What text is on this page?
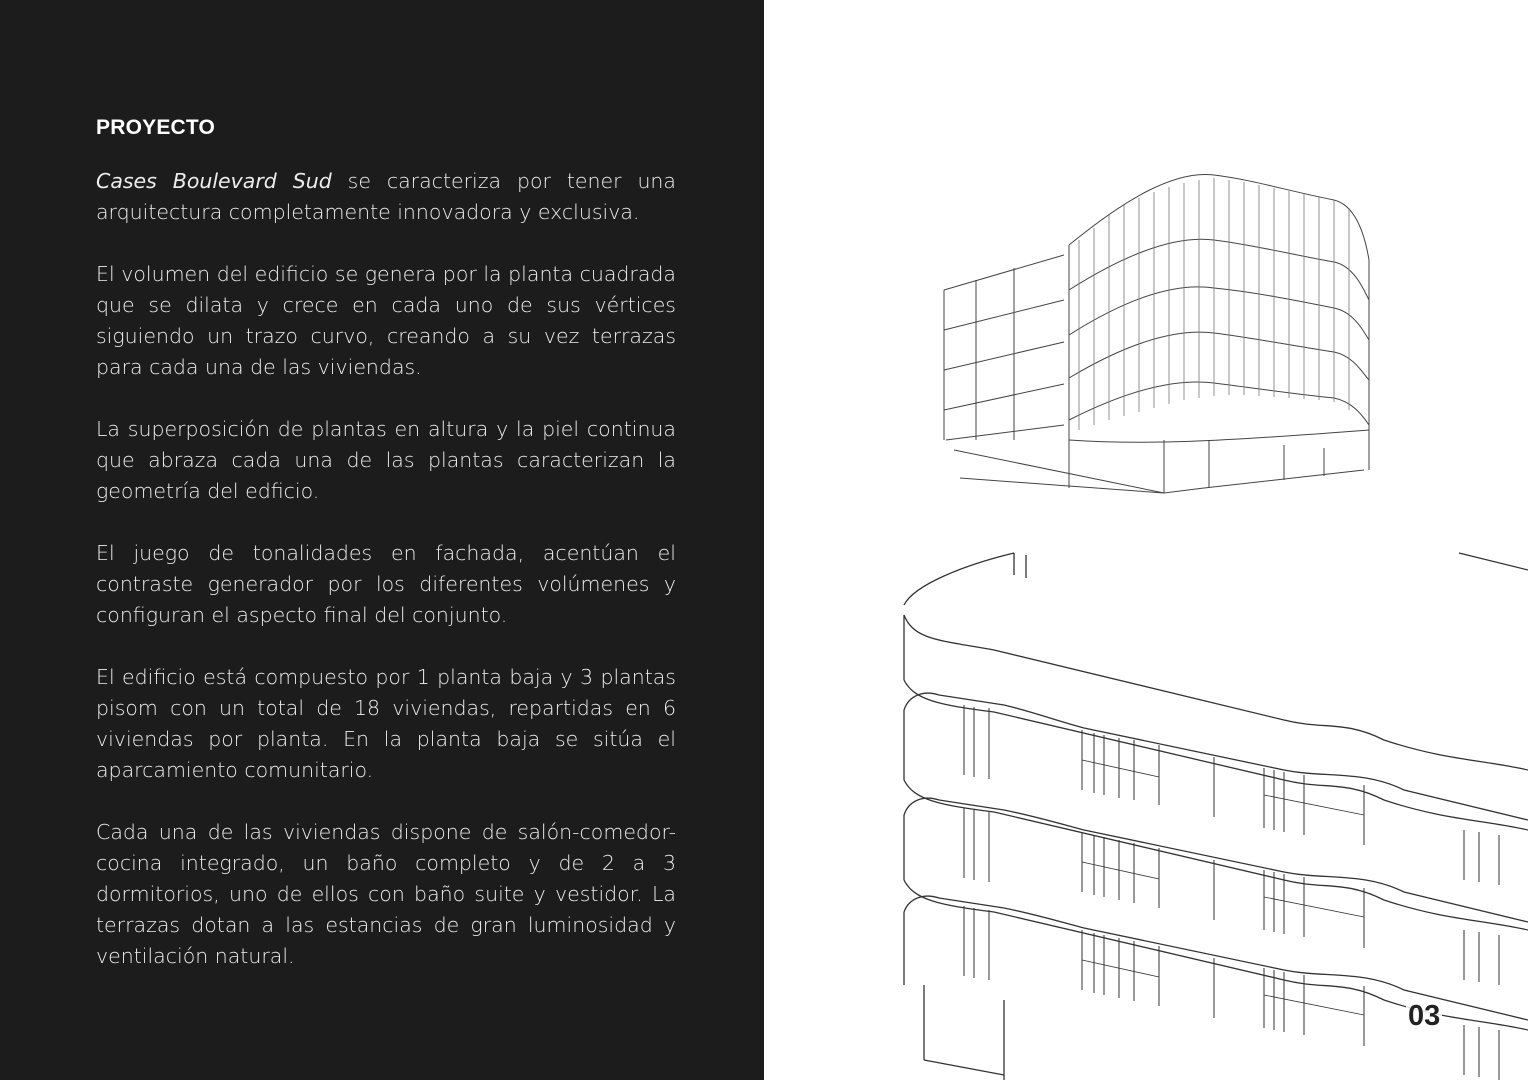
PROYECTO

Cases Boulevard Sud se caracteriza por tener una arquitectura completamente innovadora y exclusiva.

El volumen del edificio se genera por la planta cuadrada que se dilata y crece en cada uno de sus vértices siguiendo un trazo curvo, creando a su vez terrazas para cada una de las viviendas.

La superposición de plantas en altura y la piel continua que abraza cada una de las plantas caracterizan la geometría del edficio.

El juego de tonalidades en fachada, acentúan el contraste generador por los diferentes volúmenes y configuran el aspecto final del conjunto.

El edificio está compuesto por 1 planta baja y 3 plantas pisom con un total de 18 viviendas, repartidas en 6 viviendas por planta. En la planta baja se sitúa el aparcamiento comunitario.

Cada una de las viviendas dispone de salón-comedor-cocina integrado, un baño completo y de 2 a 3 dormitorios, uno de ellos con baño suite y vestidor. La terrazas dotan a las estancias de gran luminosidad y ventilación natural.

03
